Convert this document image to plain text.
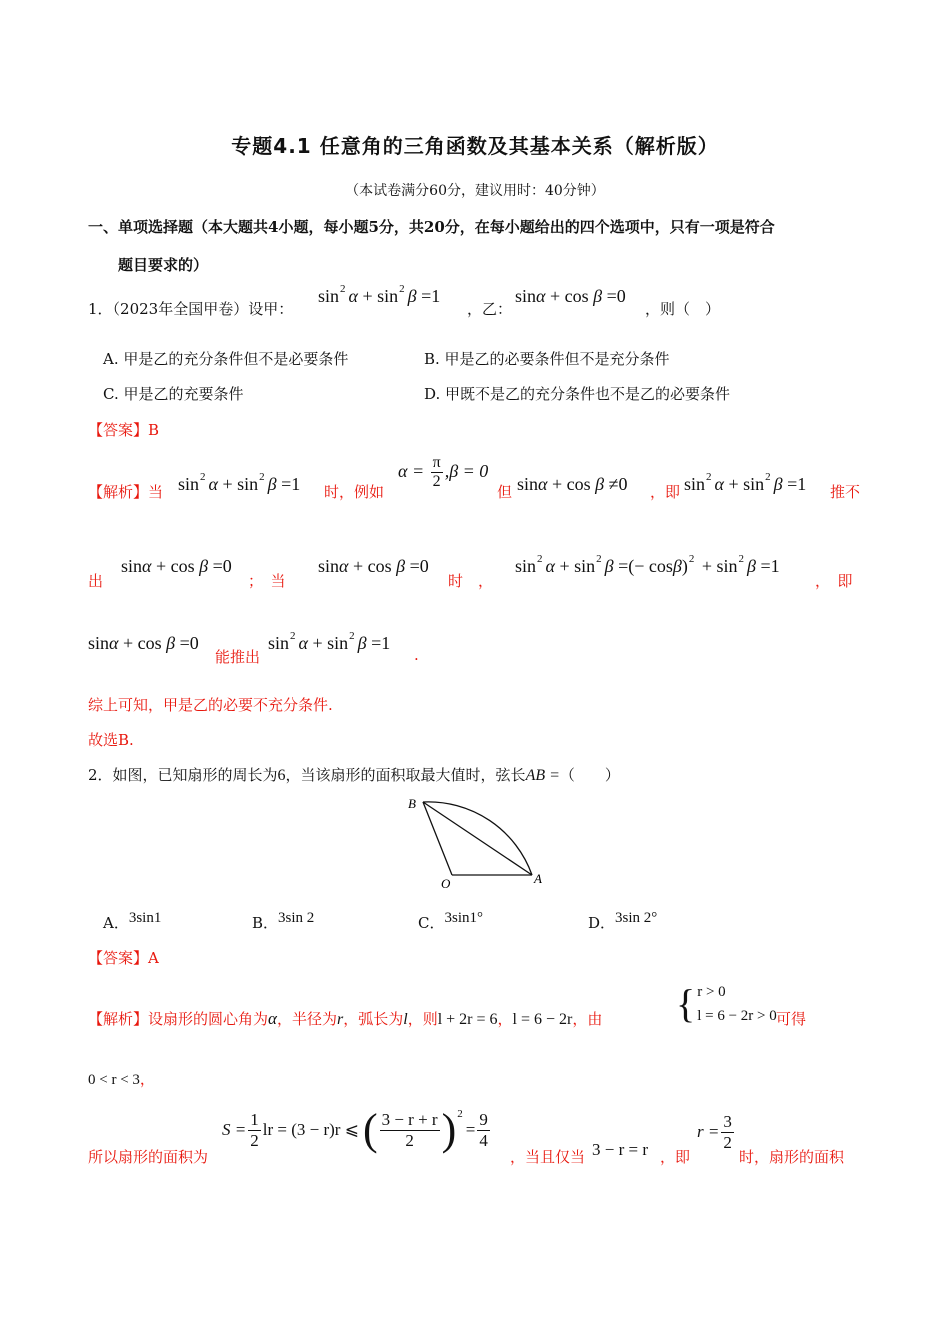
专题4.1 任意角的三角函数及其基本关系（解析版）
（本试卷满分60分，建议用时：40分钟）
一、单项选择题（本大题共4小题，每小题5分，共20分，在每小题给出的四个选项中，只有一项是符合
题目要求的）
1．（2023年全国甲卷）设甲：
$\sin^2 \alpha + \sin^2 \beta =1$
，乙：
sinα + cos β =0
，则（　）
A. 甲是乙的充分条件但不是必要条件	B. 甲是乙的必要条件但不是充分条件
C. 甲是乙的充要条件	D. 甲既不是乙的充分条件也不是乙的必要条件
【答案】B
【解析】当 $\sin^2 \alpha + \sin^2 \beta =1$ 时，例如
$\alpha = \frac{\pi}{2} ,\beta = 0$
但 sinα + cos β ≠0 ，即 $\sin^2 \alpha + \sin^2 \beta =1$ 推不
出
sinα + cos β =0
；　当
sinα + cos β =0
时　，
$\sin^2 \alpha + \sin^2 \beta$ =(− $\cos\beta)^2 + \sin^2 \beta =1$
，　即
sinα + cos β =0
能推出
$\sin^2 \alpha + \sin^2 \beta =1$
.
综上可知，甲是乙的必要不充分条件.
故选B.
2．如图，已知扇形的周长为6，当该扇形的面积取最大值时，弦长AB =（　　）
B
O	A
A．3sin1	B．3sin 2	C．3sin1°	D．3sin 2°
【答案】A
【解析】设扇形的圆心角为α，半径为r，弧长为l，则l + 2r = 6，l = 6 − 2r，由 { r > 0
l = 6 − 2r > 0 可得
0 < r < 3，
所以扇形的面积为
$S = \frac{1}{2}$ lr = (3 − r)r ⩽ ( $\frac{3 - r + r}{2} )^2$
= $\frac{9}{4}$
，当且仅当 3 − r = r ，即
$r = \frac{3}{2}$
时，扇形的面积
